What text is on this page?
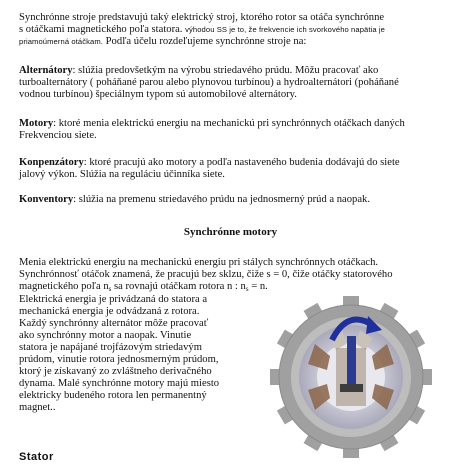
Synchrónne stroje predstavujú taký elektrický stroj, ktorého rotor sa otáča synchrónne
s otáčkami magnetického poľa statora. výhodou SS je to, že frekvencie ich svorkového napätia je
priamoúmerná otáčkam. Podľa účelu rozdeľujeme synchrónne stroje na:
Alternátory: slúžia predovšetkým na výrobu striedavého prúdu. Môžu pracovať ako
turboalternátory ( poháňané parou alebo plynovou turbínou) a hydroalternátori (poháňané
vodnou turbínou) špeciálnym typom sú automobilové alternátory.
Motory: ktoré menia elektrickú energiu na mechanickú pri synchrónnych otáčkach daných
Frekvenciou siete.
Konpenzátory: ktoré pracujú ako motory a podľa nastaveného budenia dodávajú do siete
jalový výkon. Slúžia na reguláciu účinníka siete.
Konventory: slúžia na premenu striedavého prúdu na jednosmerný prúd a naopak.
Synchrónne motory
Menia elektrickú energiu na mechanickú energiu pri stálych synchrónnych otáčkach.
Synchrónnosť otáčok znamená, že pracujú bez sklzu, čiže s = 0, čiže otáčky statorového
magnetického poľa ns sa rovnajú otáčkam rotora n : ns = n.
Elektrická energia je privádzaná do statora a
mechanická energia je odvádzaná z rotora.
Každý synchrónny alternátor môže pracovať
ako synchrónny motor a naopak. Vinutie
statora je napájané trojfázovým striedavým
prúdom, vinutie rotora jednosmerným prúdom,
ktorý je získavaný zo zvláštneho derivačného
dynama. Malé synchrónne motory majú miesto
elektricky budeného rotora len permanentný
magnet..
Stator
